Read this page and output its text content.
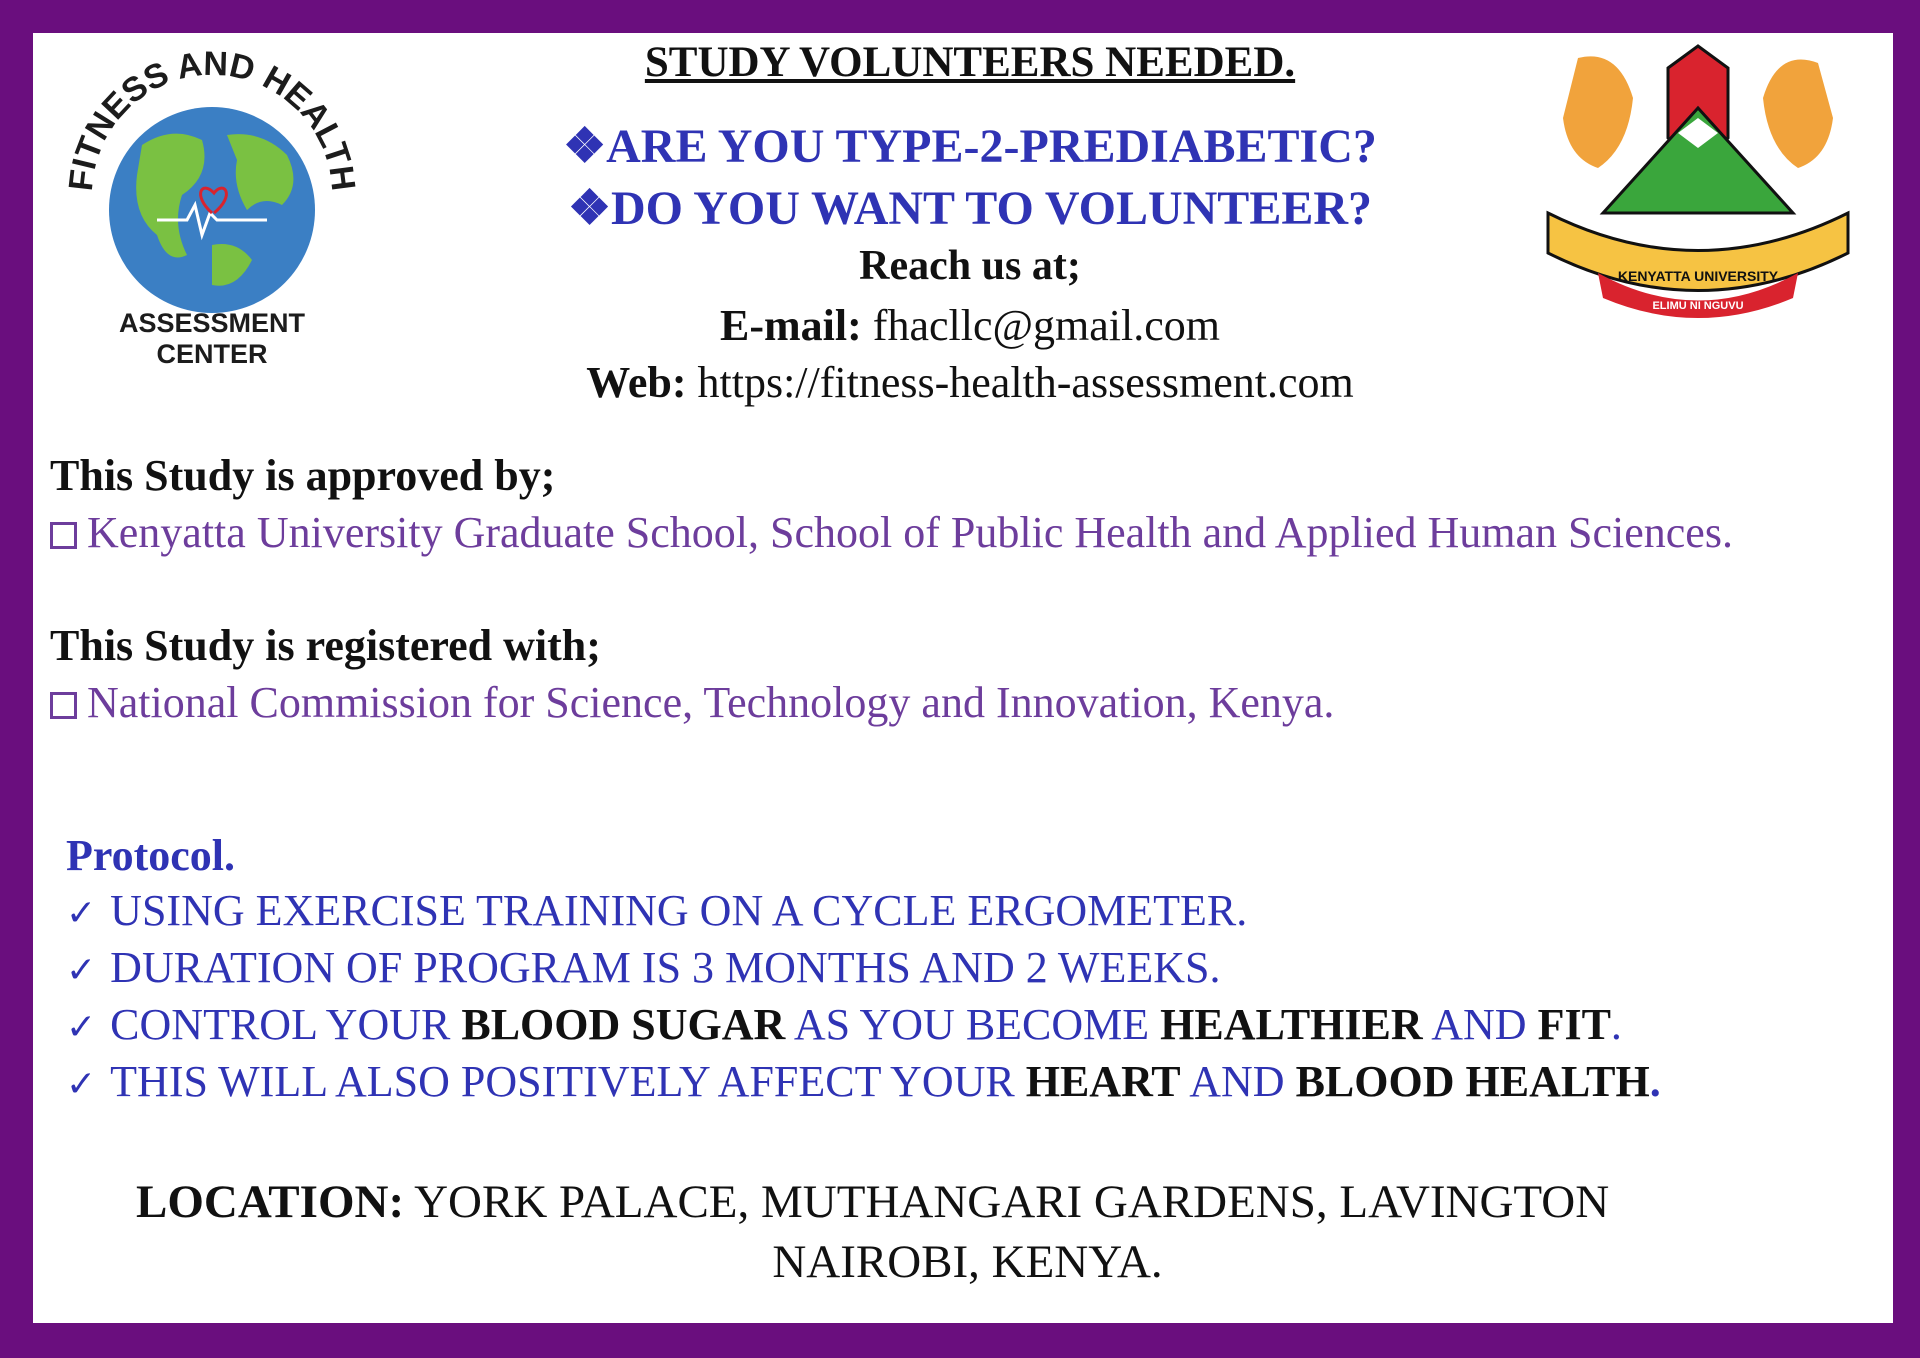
FITNESS AND HEALTH
ASSESSMENT CENTER
KENYATTA UNIVERSITY
ELIMU NI NGUVU
STUDY VOLUNTEERS NEEDED.
❖ARE YOU TYPE-2-PREDIABETIC?
❖DO YOU WANT TO VOLUNTEER?
Reach us at;
E-mail: fhacllc@gmail.com
Web: https://fitness-health-assessment.com
This Study is approved by;
Kenyatta University Graduate School, School of Public Health and Applied Human Sciences.
This Study is registered with;
National Commission for Science, Technology and Innovation, Kenya.
Protocol.
✓ USING EXERCISE TRAINING ON A CYCLE ERGOMETER.
✓ DURATION OF PROGRAM IS 3 MONTHS AND 2 WEEKS.
✓ CONTROL YOUR BLOOD SUGAR AS YOU BECOME HEALTHIER AND FIT.
✓ THIS WILL ALSO POSITIVELY AFFECT YOUR HEART AND BLOOD HEALTH.
LOCATION: YORK PALACE, MUTHANGARI GARDENS, LAVINGTON
NAIROBI, KENYA.
